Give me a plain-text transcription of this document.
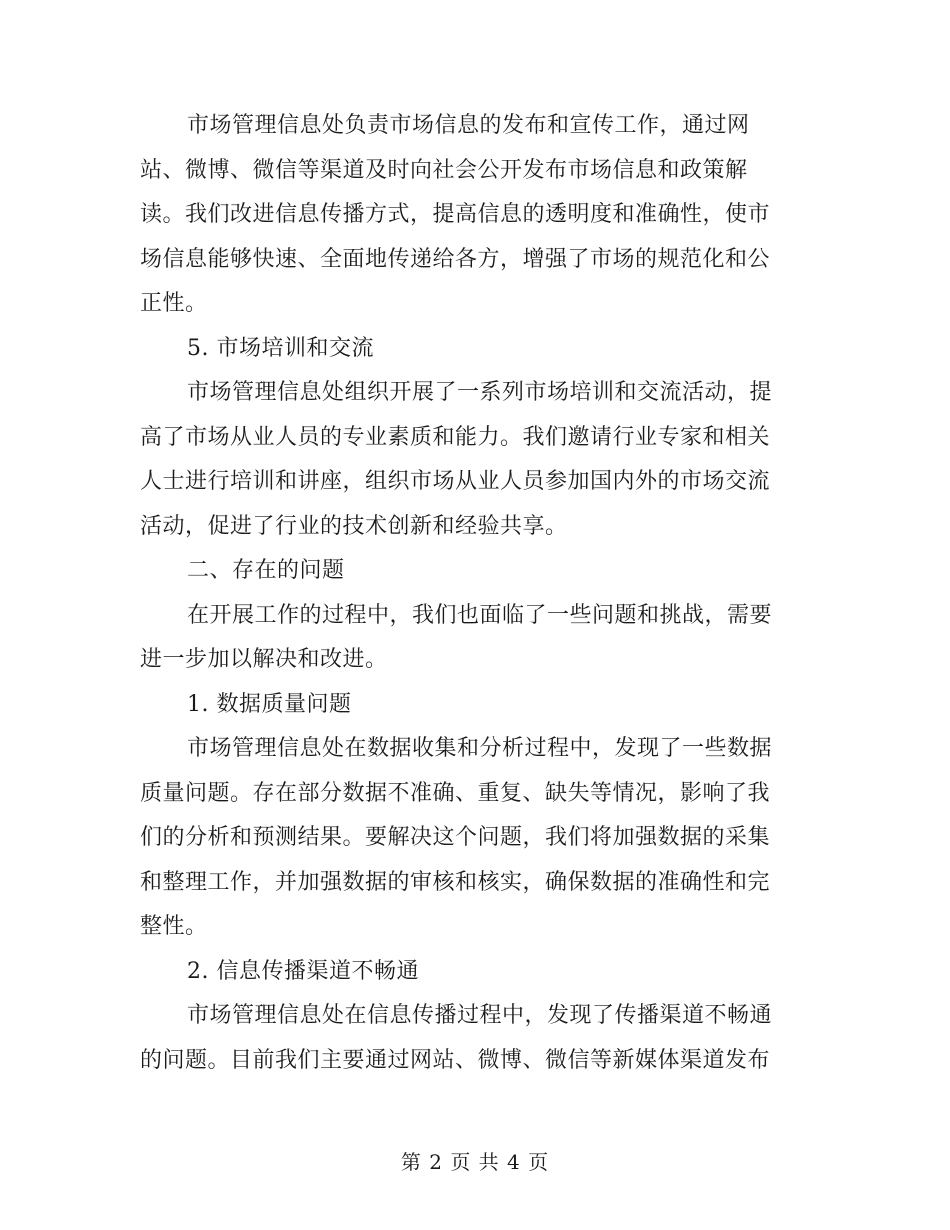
市场管理信息处负责市场信息的发布和宣传工作，通过网
站、微博、微信等渠道及时向社会公开发布市场信息和政策解
读。我们改进信息传播方式，提高信息的透明度和准确性，使市
场信息能够快速、全面地传递给各方，增强了市场的规范化和公
正性。
5. 市场培训和交流
市场管理信息处组织开展了一系列市场培训和交流活动，提
高了市场从业人员的专业素质和能力。我们邀请行业专家和相关
人士进行培训和讲座，组织市场从业人员参加国内外的市场交流
活动，促进了行业的技术创新和经验共享。
二、存在的问题
在开展工作的过程中，我们也面临了一些问题和挑战，需要
进一步加以解决和改进。
1. 数据质量问题
市场管理信息处在数据收集和分析过程中，发现了一些数据
质量问题。存在部分数据不准确、重复、缺失等情况，影响了我
们的分析和预测结果。要解决这个问题，我们将加强数据的采集
和整理工作，并加强数据的审核和核实，确保数据的准确性和完
整性。
2. 信息传播渠道不畅通
市场管理信息处在信息传播过程中，发现了传播渠道不畅通
的问题。目前我们主要通过网站、微博、微信等新媒体渠道发布
第 2 页 共 4 页
